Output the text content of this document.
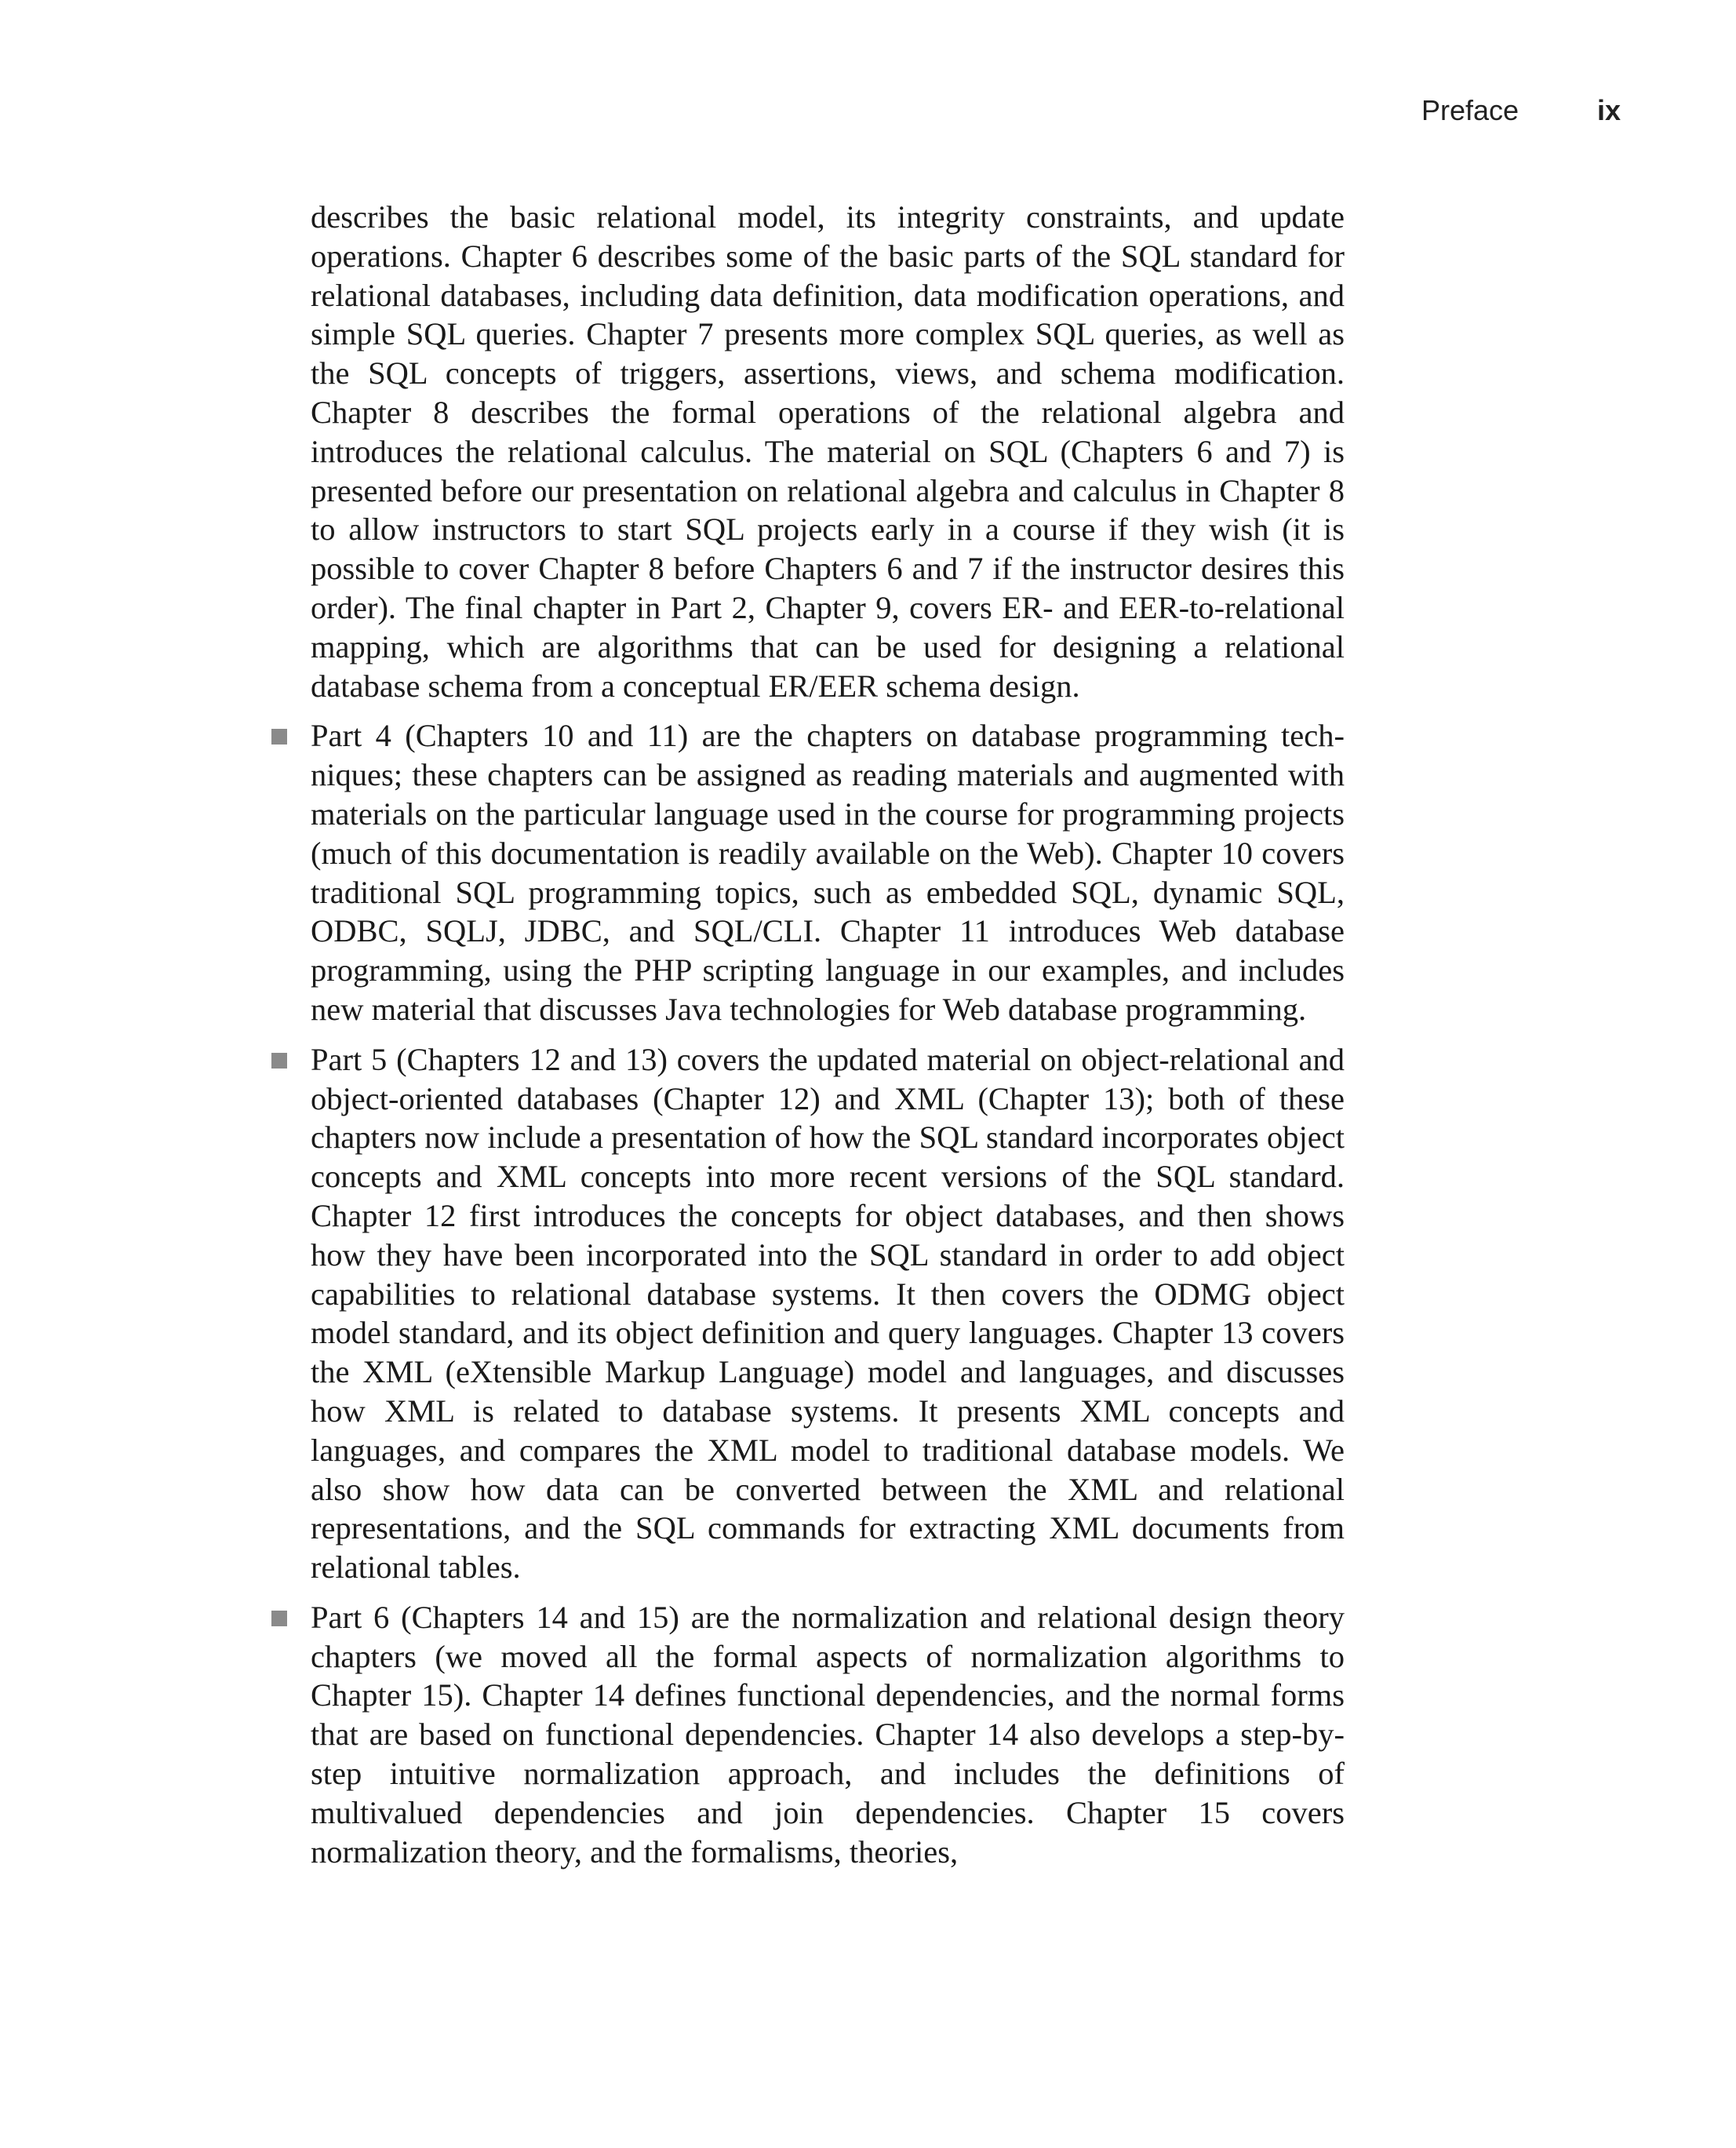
Preface	ix

describes the basic relational model, its integrity constraints, and update operations. Chapter 6 describes some of the basic parts of the SQL standard for relational databases, including data definition, data modification operations, and simple SQL queries. Chapter 7 presents more complex SQL queries, as well as the SQL concepts of triggers, assertions, views, and schema modification. Chapter 8 describes the formal operations of the relational algebra and introduces the relational calculus. The material on SQL (Chapters 6 and 7) is presented before our presentation on relational algebra and calculus in Chapter 8 to allow instructors to start SQL projects early in a course if they wish (it is possible to cover Chapter 8 before Chapters 6 and 7 if the instructor desires this order). The final chapter in Part 2, Chapter 9, covers ER- and EER-to-relational mapping, which are algorithms that can be used for designing a relational database schema from a conceptual ER/EER schema design.

Part 4 (Chapters 10 and 11) are the chapters on database programming techniques; these chapters can be assigned as reading materials and augmented with materials on the particular language used in the course for programming projects (much of this documentation is readily available on the Web). Chapter 10 covers traditional SQL programming topics, such as embedded SQL, dynamic SQL, ODBC, SQLJ, JDBC, and SQL/CLI. Chapter 11 introduces Web database programming, using the PHP scripting language in our examples, and includes new material that discusses Java technologies for Web database programming.

Part 5 (Chapters 12 and 13) covers the updated material on object-relational and object-oriented databases (Chapter 12) and XML (Chapter 13); both of these chapters now include a presentation of how the SQL standard incorporates object concepts and XML concepts into more recent versions of the SQL standard. Chapter 12 first introduces the concepts for object databases, and then shows how they have been incorporated into the SQL standard in order to add object capabilities to relational database systems. It then covers the ODMG object model standard, and its object definition and query languages. Chapter 13 covers the XML (eXtensible Markup Language) model and languages, and discusses how XML is related to database systems. It presents XML concepts and languages, and compares the XML model to traditional database models. We also show how data can be converted between the XML and relational representations, and the SQL commands for extracting XML documents from relational tables.

Part 6 (Chapters 14 and 15) are the normalization and relational design theory chapters (we moved all the formal aspects of normalization algorithms to Chapter 15). Chapter 14 defines functional dependencies, and the normal forms that are based on functional dependencies. Chapter 14 also develops a step-by-step intuitive normalization approach, and includes the definitions of multivalued dependencies and join dependencies. Chapter 15 covers normalization theory, and the formalisms, theories,
